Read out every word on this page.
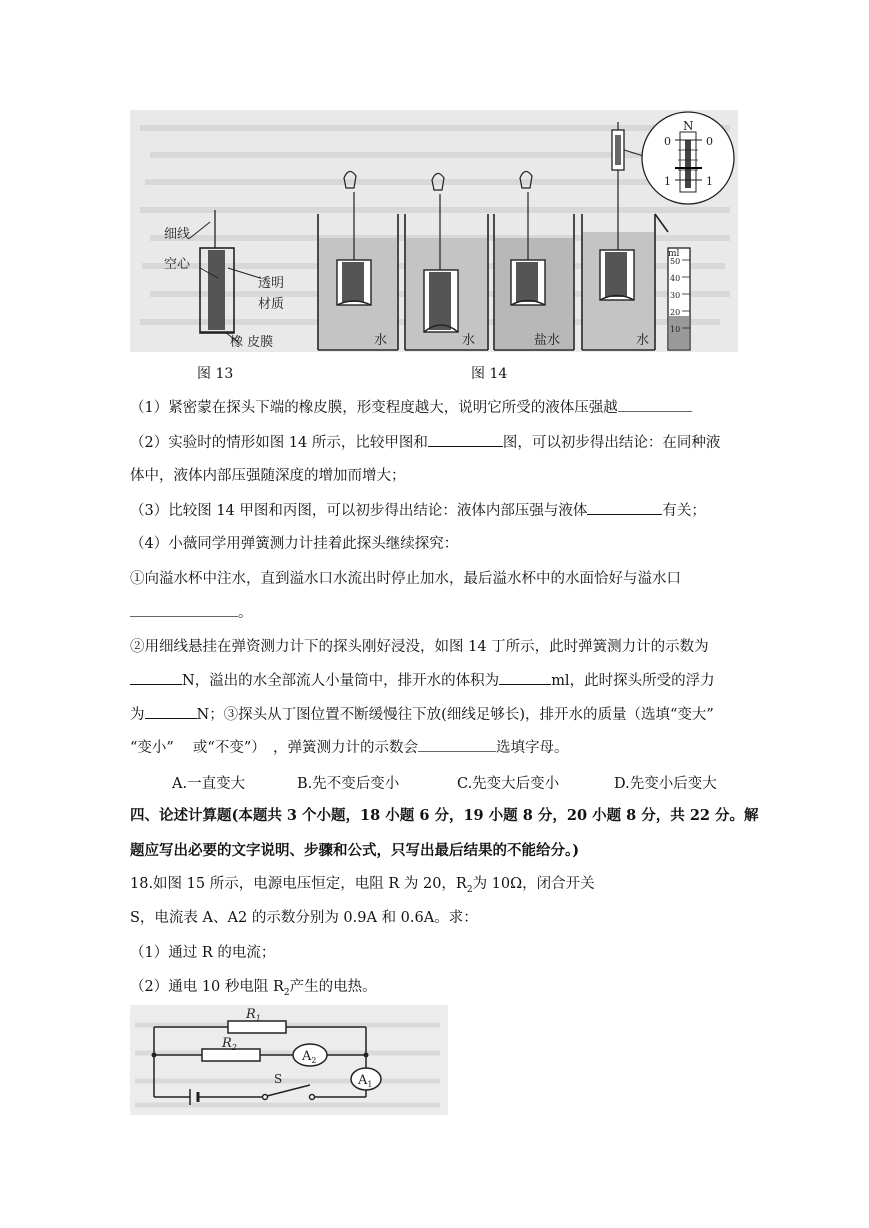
细线
空心
透明
材质
橡 皮膜	水	水	盐水	水
N
0	0
1	1
ml
50
40
30
20
10
图 13	图 14
（1）紧密蒙在探头下端的橡皮膜，形变程度越大，说明它所受的液体压强越
（2）实验时的情形如图 14 所示，比较甲图和	图，可以初步得出结论：在同种液
体中，液体内部压强随深度的增加而增大；
（3）比较图 14 甲图和丙图，可以初步得出结论：液体内部压强与液体	有关；
（4）小薇同学用弹簧测力计挂着此探头继续探究：
①向溢水杯中注水，直到溢水口水流出时停止加水，最后溢水杯中的水面恰好与溢水口
。
②用细线悬挂在弹资测力计下的探头刚好浸没，如图 14 丁所示，此时弹簧测力计的示数为
N，溢出的水全部流人小量筒中，排开水的体积为	ml，此时探头所受的浮力
为	N；③探头从丁图位置不断缓慢往下放(细线足够长)，排开水的质量（选填“变大”
“变小”　 或“不变”）　，弹簧测力计的示数会	选填字母。
A.一直变大	B.先不变后变小	C.先变大后变小	D.先变小后变大
四、论述计算题(本题共 3 个小题，18 小题 6 分，19 小题 8 分，20 小题 8 分，共 22 分。解
题应写出必要的文字说明、步骤和公式，只写出最后结果的不能给分。)
18.如图 15 所示，电源电压恒定，电阻 R 为 20，$R_2$为 10Ω，闭合开关
S，电流表 A、A2 的示数分别为 0.9A 和 0.6A。求：
（1）通过 R 的电流；
（2）通电 10 秒电阻 $R_2$产生的电热。
$R_1$
$R_2$
$A_2$
$A_1$
S
